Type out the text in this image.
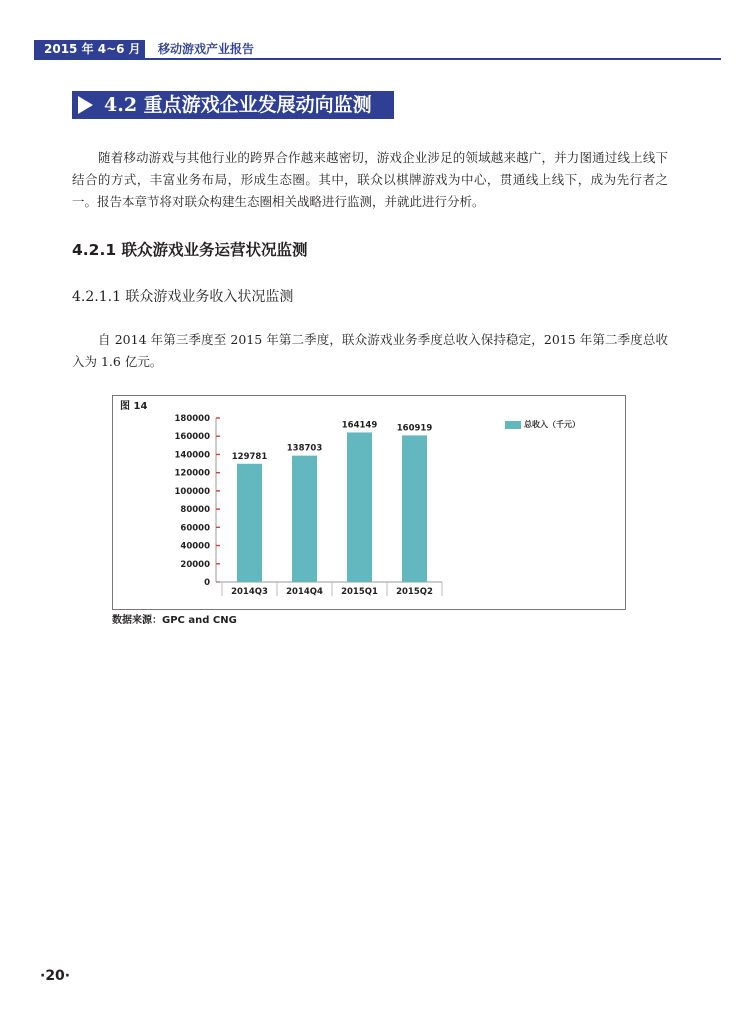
2015 年 4~6 月 移动游戏产业报告
4.2 重点游戏企业发展动向监测
随着移动游戏与其他行业的跨界合作越来越密切，游戏企业涉足的领域越来越广，并力图通过线上线下结合的方式，丰富业务布局，形成生态圈。其中，联众以棋牌游戏为中心，贯通线上线下，成为先行者之一。报告本章节将对联众构建生态圈相关战略进行监测，并就此进行分析。
4.2.1 联众游戏业务运营状况监测
4.2.1.1 联众游戏业务收入状况监测
自 2014 年第三季度至 2015 年第二季度，联众游戏业务季度总收入保持稳定，2015 年第二季度总收入为 1.6 亿元。
图 14
0
20000
40000
60000
80000
100000
120000
140000
160000
180000
129781
2014Q3
138703
2014Q4
164149
2015Q1
160919
2015Q2
总收入（千元）
数据来源：GPC and CNG
·20·
